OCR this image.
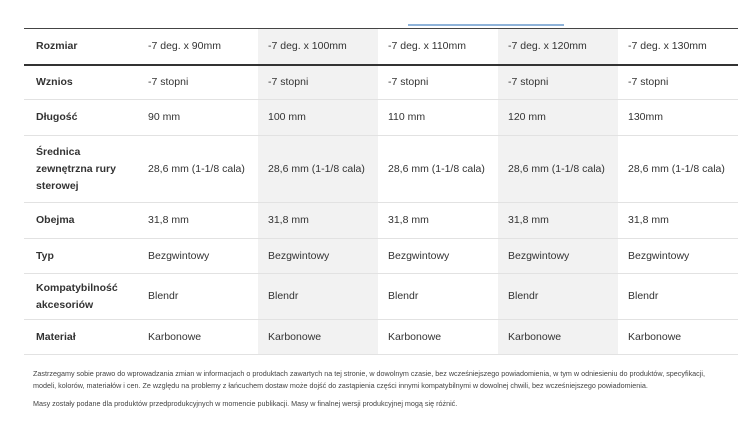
Rozmiar	-7 deg. x 90mm	-7 deg. x 100mm	-7 deg. x 110mm	-7 deg. x 120mm	-7 deg. x 130mm
Wznios	-7 stopni	-7 stopni	-7 stopni	-7 stopni	-7 stopni
Długość	90 mm	100 mm	110 mm	120 mm	130mm
Średnica zewnętrzna rury sterowej	28,6 mm (1-1/8 cala)	28,6 mm (1-1/8 cala)	28,6 mm (1-1/8 cala)	28,6 mm (1-1/8 cala)	28,6 mm (1-1/8 cala)
Obejma	31,8 mm	31,8 mm	31,8 mm	31,8 mm	31,8 mm
Typ	Bezgwintowy	Bezgwintowy	Bezgwintowy	Bezgwintowy	Bezgwintowy
Kompatybilność akcesoriów	Blendr	Blendr	Blendr	Blendr	Blendr
Materiał	Karbonowe	Karbonowe	Karbonowe	Karbonowe	Karbonowe

Zastrzegamy sobie prawo do wprowadzania zmian w informacjach o produktach zawartych na tej stronie, w dowolnym czasie, bez wcześniejszego powiadomienia, w tym w odniesieniu do produktów, specyfikacji, modeli, kolorów, materiałów i cen. Ze względu na problemy z łańcuchem dostaw może dojść do zastąpienia części innymi kompatybilnymi w dowolnej chwili, bez wcześniejszego powiadomienia.

Masy zostały podane dla produktów przedprodukcyjnych w momencie publikacji. Masy w finalnej wersji produkcyjnej mogą się różnić.
